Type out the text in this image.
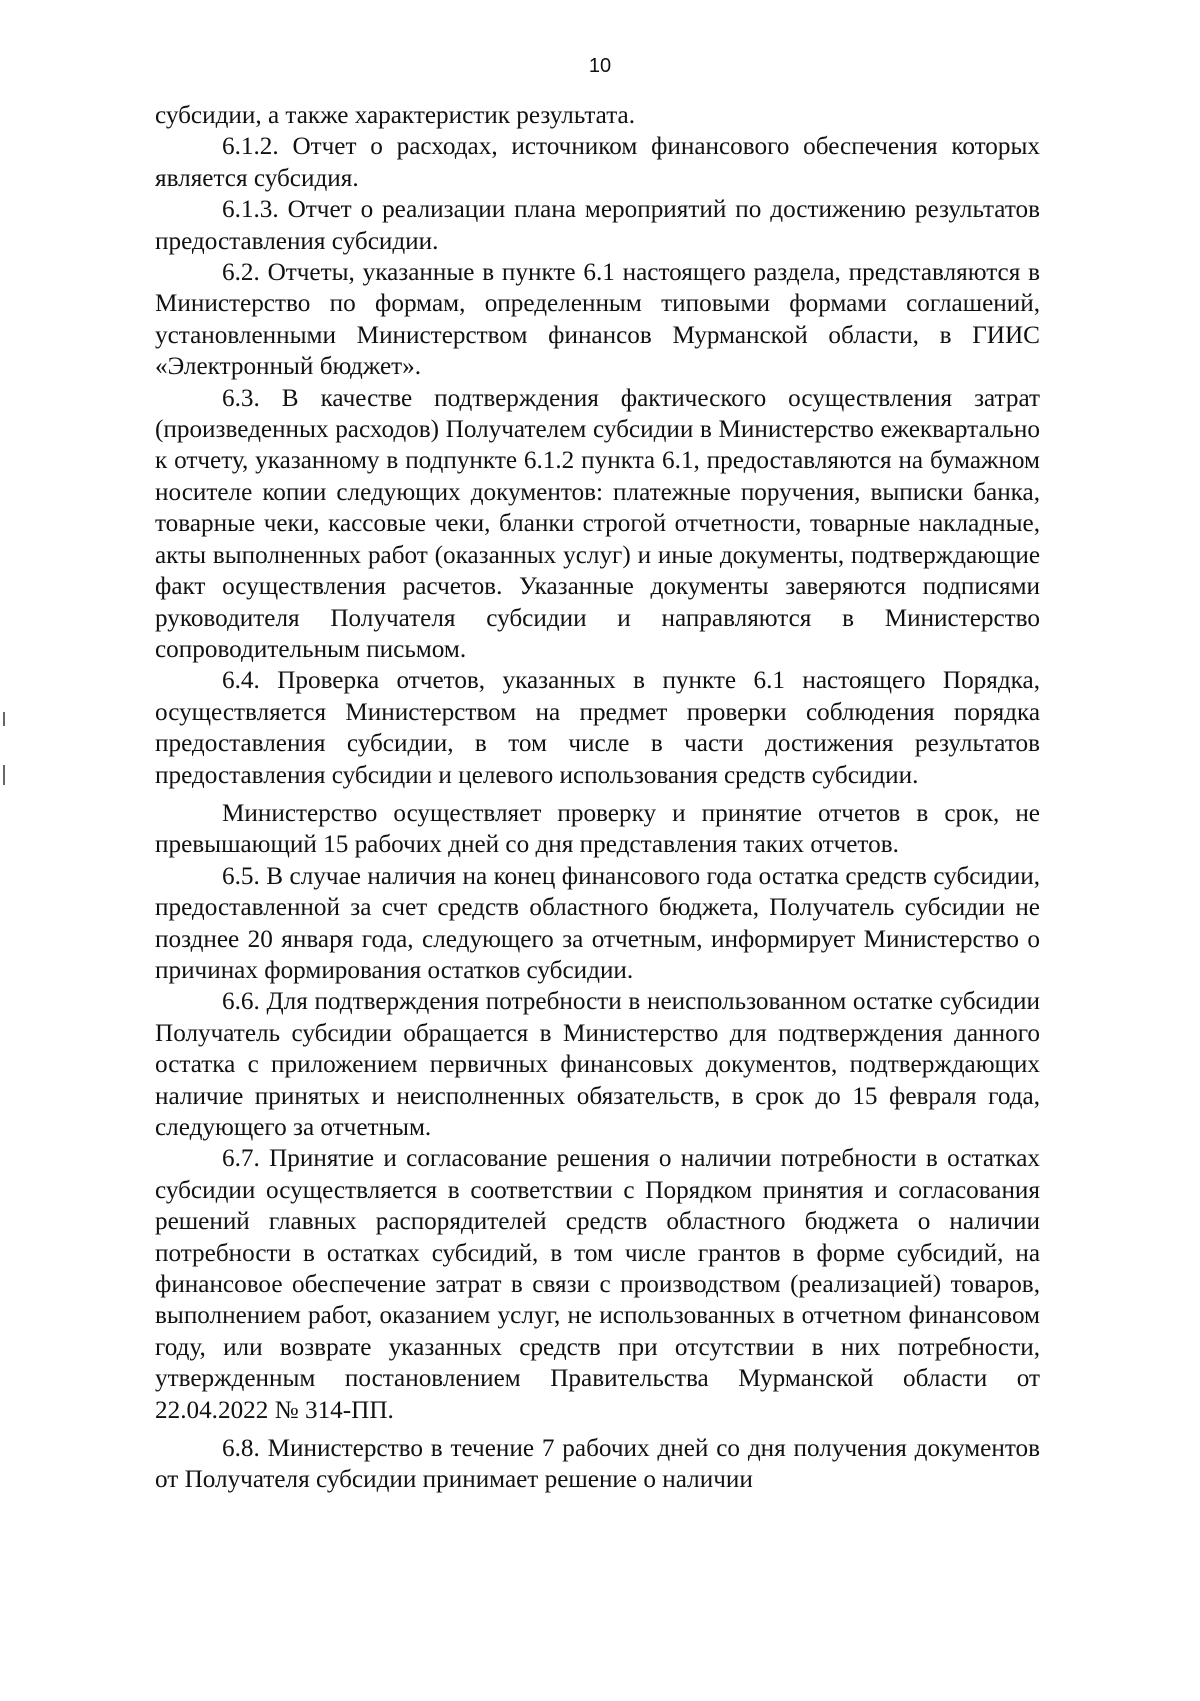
10

субсидии, а также характеристик результата.

6.1.2. Отчет о расходах, источником финансового обеспечения которых является субсидия.

6.1.3. Отчет о реализации плана мероприятий по достижению результатов предоставления субсидии.

6.2. Отчеты, указанные в пункте 6.1 настоящего раздела, представляются в Министерство по формам, определенным типовыми формами соглашений, установленными Министерством финансов Мурманской области, в ГИИС «Электронный бюджет».

6.3. В качестве подтверждения фактического осуществления затрат (произведенных расходов) Получателем субсидии в Министерство ежеквартально к отчету, указанному в подпункте 6.1.2 пункта 6.1, предоставляются на бумажном носителе копии следующих документов: платежные поручения, выписки банка, товарные чеки, кассовые чеки, бланки строгой отчетности, товарные накладные, акты выполненных работ (оказанных услуг) и иные документы, подтверждающие факт осуществления расчетов. Указанные документы заверяются подписями руководителя Получателя субсидии и направляются в Министерство сопроводительным письмом.

6.4. Проверка отчетов, указанных в пункте 6.1 настоящего Порядка, осуществляется Министерством на предмет проверки соблюдения порядка предоставления субсидии, в том числе в части достижения результатов предоставления субсидии и целевого использования средств субсидии.

Министерство осуществляет проверку и принятие отчетов в срок, не превышающий 15 рабочих дней со дня представления таких отчетов.

6.5. В случае наличия на конец финансового года остатка средств субсидии, предоставленной за счет средств областного бюджета, Получатель субсидии не позднее 20 января года, следующего за отчетным, информирует Министерство о причинах формирования остатков субсидии.

6.6. Для подтверждения потребности в неиспользованном остатке субсидии Получатель субсидии обращается в Министерство для подтверждения данного остатка с приложением первичных финансовых документов, подтверждающих наличие принятых и неисполненных обязательств, в срок до 15 февраля года, следующего за отчетным.

6.7. Принятие и согласование решения о наличии потребности в остатках субсидии осуществляется в соответствии с Порядком принятия и согласования решений главных распорядителей средств областного бюджета о наличии потребности в остатках субсидий, в том числе грантов в форме субсидий, на финансовое обеспечение затрат в связи с производством (реализацией) товаров, выполнением работ, оказанием услуг, не использованных в отчетном финансовом году, или возврате указанных средств при отсутствии в них потребности, утвержденным постановлением Правительства Мурманской области от 22.04.2022 № 314-ПП.

6.8. Министерство в течение 7 рабочих дней со дня получения документов от Получателя субсидии принимает решение о наличии
